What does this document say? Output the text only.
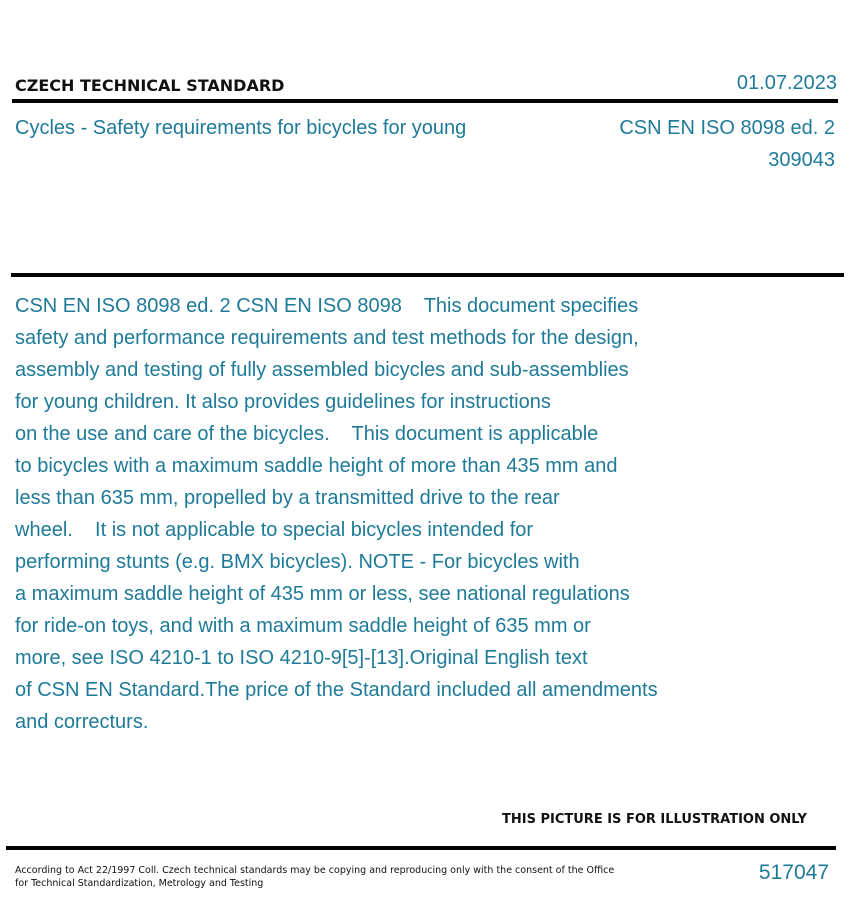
CZECH TECHNICAL STANDARD	01.07.2023
Cycles - Safety requirements for bicycles for young	CSN EN ISO 8098 ed. 2
309043
CSN EN ISO 8098 ed. 2 CSN EN ISO 8098    This document specifies
safety and performance requirements and test methods for the design,
assembly and testing of fully assembled bicycles and sub-assemblies
for young children. It also provides guidelines for instructions
on the use and care of the bicycles.    This document is applicable
to bicycles with a maximum saddle height of more than 435 mm and
less than 635 mm, propelled by a transmitted drive to the rear
wheel.    It is not applicable to special bicycles intended for
performing stunts (e.g. BMX bicycles). NOTE - For bicycles with
a maximum saddle height of 435 mm or less, see national regulations
for ride-on toys, and with a maximum saddle height of 635 mm or
more, see ISO 4210-1 to ISO 4210-9[5]-[13].Original English text
of CSN EN Standard.The price of the Standard included all amendments
and correcturs.
THIS PICTURE IS FOR ILLUSTRATION ONLY
According to Act 22/1997 Coll. Czech technical standards may be copying and reproducing only with the consent of the Office
for Technical Standardization, Metrology and Testing	517047
